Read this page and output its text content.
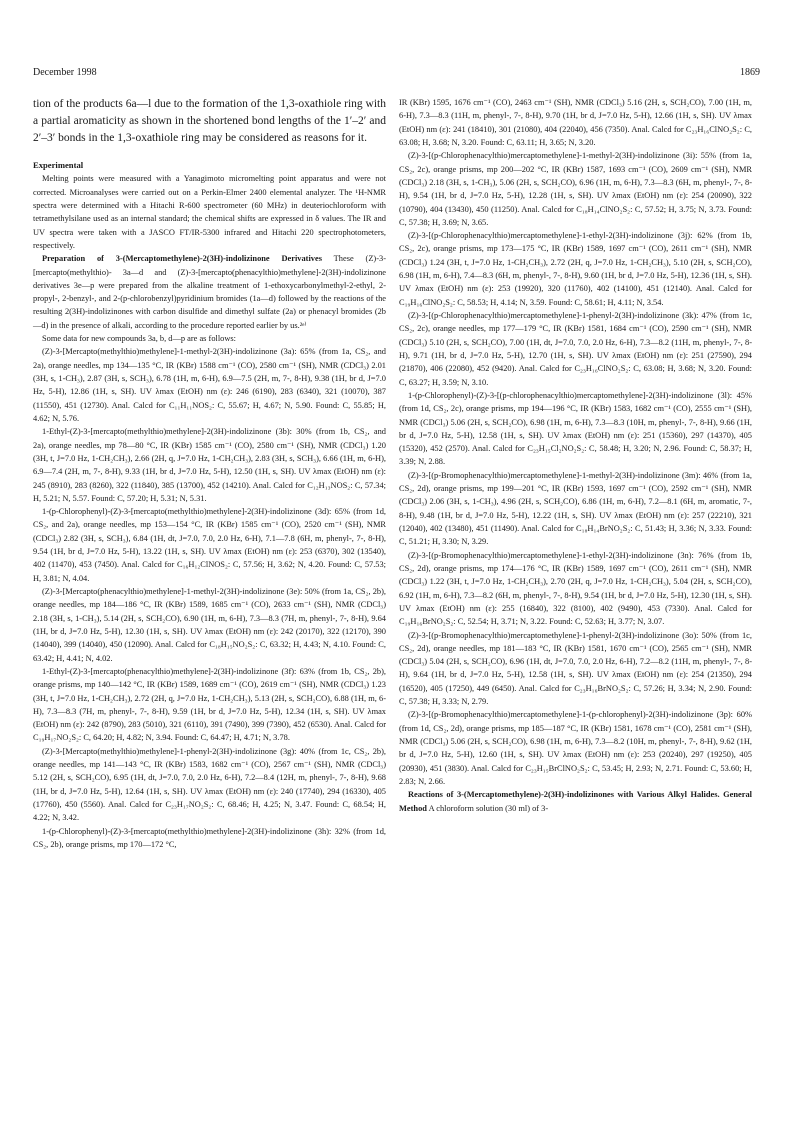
December 1998	1869

tion of the products 6a—l due to the formation of the 1,3-oxathiole ring with a partial aromaticity as shown in the shortened bond lengths of the 1′–2′ and 2′–3′ bonds in the 1,3-oxathiole ring may be considered as reasons for it.

Experimental

Melting points were measured with a Yanagimoto micromelting point apparatus and were not corrected. Microanalyses were carried out on a Perkin-Elmer 2400 elemental analyzer. The ¹H-NMR spectra were determined with a Hitachi R-600 spectrometer (60 MHz) in deuteriochloroform with tetramethylsilane used as an internal standard; the chemical shifts are expressed in δ values. The IR and UV spectra were taken with a JASCO FT/IR-5300 infrared and Hitachi 220 spectrophotometers, respectively.

Preparation of 3-(Mercaptomethylene)-2(3H)-indolizinone Derivatives These (Z)-3-[mercapto(methylthio)- 3a—d and (Z)-3-[mercapto(phenacylthio)methylene]-2(3H)-indolizinone derivatives 3e—p were prepared from the alkaline treatment of 1-ethoxycarbonylmethyl-2-ethyl, 2-propyl-, 2-benzyl-, and 2-(p-chlorobenzyl)pyridinium bromides (1a—d) followed by the reactions of the resulting 2(3H)-indolizinones with carbon disulfide and dimethyl sulfate (2a) or phenacyl bromides (2b—d) in the presence of alkali, according to the procedure reported earlier by us.²ᵉ⁾

Some data for new compounds 3a, b, d—p are as follows:

(Z)-3-[Mercapto(methylthio)methylene]-1-methyl-2(3H)-indolizinone (3a): 65% (from 1a, CS₂, and 2a), orange needles, mp 134—135 °C, IR (KBr) 1588 cm⁻¹ (CO), 2580 cm⁻¹ (SH), NMR (CDCl₃) 2.01 (3H, s, 1-CH₃), 2.87 (3H, s, SCH₃), 6.78 (1H, m, 6-H), 6.9—7.5 (2H, m, 7-, 8-H), 9.38 (1H, br d, J=7.0 Hz, 5-H), 12.86 (1H, s, SH). UV λmax (EtOH) nm (ε): 246 (6190), 283 (6340), 321 (10070), 387 (11550), 451 (12730). Anal. Calcd for C₁₁H₁₁NOS₂: C, 55.67; H, 4.67; N, 5.90. Found: C, 55.85; H, 4.62; N, 5.76.

1-Ethyl-(Z)-3-[mercapto(methylthio)methylene]-2(3H)-indolizinone (3b): 30% (from 1b, CS₂, and 2a), orange needles, mp 78—80 °C, IR (KBr) 1585 cm⁻¹ (CO), 2580 cm⁻¹ (SH), NMR (CDCl₃) 1.20 (3H, t, J=7.0 Hz, 1-CH₂CH₃), 2.66 (2H, q, J=7.0 Hz, 1-CH₂CH₃), 2.83 (3H, s, SCH₃), 6.66 (1H, m, 6-H), 6.9—7.4 (2H, m, 7-, 8-H), 9.33 (1H, br d, J=7.0 Hz, 5-H), 12.50 (1H, s, SH). UV λmax (EtOH) nm (ε): 245 (8910), 283 (8260), 322 (11840), 385 (13700), 452 (14210). Anal. Calcd for C₁₂H₁₃NOS₂: C, 57.34; H, 5.21; N, 5.57. Found: C, 57.20; H, 5.31; N, 5.31.

1-(p-Chlorophenyl)-(Z)-3-[mercapto(methylthio)methylene]-2(3H)-indolizinone (3d): 65% (from 1d, CS₂, and 2a), orange needles, mp 153—154 °C, IR (KBr) 1585 cm⁻¹ (CO), 2520 cm⁻¹ (SH), NMR (CDCl₃) 2.82 (3H, s, SCH₃), 6.84 (1H, dt, J=7.0, 7.0, 2.0 Hz, 6-H), 7.1—7.8 (6H, m, phenyl-, 7-, 8-H), 9.54 (1H, br d, J=7.0 Hz, 5-H), 13.22 (1H, s, SH). UV λmax (EtOH) nm (ε): 253 (6370), 302 (13540), 402 (11470), 453 (7450). Anal. Calcd for C₁₆H₁₂ClNOS₂: C, 57.56; H, 3.62; N, 4.20. Found: C, 57.53; H, 3.81; N, 4.04.

(Z)-3-[Mercapto(phenacylthio)methylene]-1-methyl-2(3H)-indolizinone (3e): 50% (from 1a, CS₂, 2b), orange needles, mp 184—186 °C, IR (KBr) 1589, 1685 cm⁻¹ (CO), 2633 cm⁻¹ (SH), NMR (CDCl₃) 2.18 (3H, s, 1-CH₃), 5.14 (2H, s, SCH₂CO), 6.90 (1H, m, 6-H), 7.3—8.3 (7H, m, phenyl-, 7-, 8-H), 9.64 (1H, br d, J=7.0 Hz, 5-H), 12.30 (1H, s, SH). UV λmax (EtOH) nm (ε): 242 (20170), 322 (12170), 390 (14040), 399 (14040), 450 (12090). Anal. Calcd for C₁₈H₁₅NO₂S₂: C, 63.32; H, 4.43; N, 4.10. Found: C, 63.42; H, 4.41; N, 4.02.

1-Ethyl-(Z)-3-[mercapto(phenacylthio)methylene]-2(3H)-indolizinone (3f): 63% (from 1b, CS₂, 2b), orange prisms, mp 140—142 °C, IR (KBr) 1589, 1689 cm⁻¹ (CO), 2619 cm⁻¹ (SH), NMR (CDCl₃) 1.23 (3H, t, J=7.0 Hz, 1-CH₂CH₃), 2.72 (2H, q, J=7.0 Hz, 1-CH₂CH₃), 5.13 (2H, s, SCH₂CO), 6.88 (1H, m, 6-H), 7.3—8.3 (7H, m, phenyl-, 7-, 8-H), 9.59 (1H, br d, J=7.0 Hz, 5-H), 12.34 (1H, s, SH). UV λmax (EtOH) nm (ε): 242 (8790), 283 (5010), 321 (6110), 391 (7490), 399 (7390), 452 (6530). Anal. Calcd for C₁₉H₁₇NO₂S₂: C, 64.20; H, 4.82; N, 3.94. Found: C, 64.47; H, 4.71; N, 3.78.

(Z)-3-[Mercapto(methylthio)methylene]-1-phenyl-2(3H)-indolizinone (3g): 40% (from 1c, CS₂, 2b), orange needles, mp 141—143 °C, IR (KBr) 1583, 1682 cm⁻¹ (CO), 2567 cm⁻¹ (SH), NMR (CDCl₃) 5.12 (2H, s, SCH₂CO), 6.95 (1H, dt, J=7.0, 7.0, 2.0 Hz, 6-H), 7.2—8.4 (12H, m, phenyl-, 7-, 8-H), 9.68 (1H, br d, J=7.0 Hz, 5-H), 12.64 (1H, s, SH). UV λmax (EtOH) nm (ε): 240 (17740), 294 (16330), 405 (17760), 450 (5560). Anal. Calcd for C₂₃H₁₇NO₂S₂: C, 68.46; H, 4.25; N, 3.47. Found: C, 68.54; H, 4.22; N, 3.42.

1-(p-Chlorophenyl)-(Z)-3-[mercapto(methylthio)methylene]-2(3H)-indolizinone (3h): 32% (from 1d, CS₂, 2b), orange prisms, mp 170—172 °C,

IR (KBr) 1595, 1676 cm⁻¹ (CO), 2463 cm⁻¹ (SH), NMR (CDCl₃) 5.16 (2H, s, SCH₂CO), 7.00 (1H, m, 6-H), 7.3—8.3 (11H, m, phenyl-, 7-, 8-H), 9.70 (1H, br d, J=7.0 Hz, 5-H), 12.66 (1H, s, SH). UV λmax (EtOH) nm (ε): 241 (18410), 301 (21080), 404 (22040), 456 (7350). Anal. Calcd for C₂₃H₁₆ClNO₂S₂: C, 63.08; H, 3.68; N, 3.20. Found: C, 63.11; H, 3.65; N, 3.20.

(Z)-3-[(p-Chlorophenacylthio)mercaptomethylene]-1-methyl-2(3H)-indolizinone (3i): 55% (from 1a, CS₂, 2c), orange prisms, mp 200—202 °C, IR (KBr) 1587, 1693 cm⁻¹ (CO), 2609 cm⁻¹ (SH), NMR (CDCl₃) 2.18 (3H, s, 1-CH₃), 5.06 (2H, s, SCH₂CO), 6.96 (1H, m, 6-H), 7.3—8.3 (6H, m, phenyl-, 7-, 8-H), 9.54 (1H, br d, J=7.0 Hz, 5-H), 12.28 (1H, s, SH). UV λmax (EtOH) nm (ε): 254 (20090), 322 (10790), 404 (13430), 450 (11250). Anal. Calcd for C₁₈H₁₄ClNO₂S₂: C, 57.52; H, 3.75; N, 3.73. Found: C, 57.38; H, 3.69; N, 3.65.

(Z)-3-[(p-Chlorophenacylthio)mercaptomethylene]-1-ethyl-2(3H)-indolizinone (3j): 62% (from 1b, CS₂, 2c), orange prisms, mp 173—175 °C, IR (KBr) 1589, 1697 cm⁻¹ (CO), 2611 cm⁻¹ (SH), NMR (CDCl₃) 1.24 (3H, t, J=7.0 Hz, 1-CH₂CH₃), 2.72 (2H, q, J=7.0 Hz, 1-CH₂CH₃), 5.10 (2H, s, SCH₂CO), 6.98 (1H, m, 6-H), 7.4—8.3 (6H, m, phenyl-, 7-, 8-H), 9.60 (1H, br d, J=7.0 Hz, 5-H), 12.36 (1H, s, SH). UV λmax (EtOH) nm (ε): 253 (19920), 320 (11760), 402 (14100), 451 (12140). Anal. Calcd for C₁₉H₁₆ClNO₂S₂: C, 58.53; H, 4.14; N, 3.59. Found: C, 58.61; H, 4.11; N, 3.54.

(Z)-3-[(p-Chlorophenacylthio)mercaptomethylene]-1-phenyl-2(3H)-indolizinone (3k): 47% (from 1c, CS₂, 2c), orange needles, mp 177—179 °C, IR (KBr) 1581, 1684 cm⁻¹ (CO), 2590 cm⁻¹ (SH), NMR (CDCl₃) 5.10 (2H, s, SCH₂CO), 7.00 (1H, dt, J=7.0, 7.0, 2.0 Hz, 6-H), 7.3—8.2 (11H, m, phenyl-, 7-, 8-H), 9.71 (1H, br d, J=7.0 Hz, 5-H), 12.70 (1H, s, SH). UV λmax (EtOH) nm (ε): 251 (27590), 294 (21870), 406 (22080), 452 (9420). Anal. Calcd for C₂₃H₁₆ClNO₂S₂: C, 63.08; H, 3.68; N, 3.20. Found: C, 63.27; H, 3.59; N, 3.10.

1-(p-Chlorophenyl)-(Z)-3-[(p-chlorophenacylthio)mercaptomethylene]-2(3H)-indolizinone (3l): 45% (from 1d, CS₂, 2c), orange prisms, mp 194—196 °C, IR (KBr) 1583, 1682 cm⁻¹ (CO), 2555 cm⁻¹ (SH), NMR (CDCl₃) 5.06 (2H, s, SCH₂CO), 6.98 (1H, m, 6-H), 7.3—8.3 (10H, m, phenyl-, 7-, 8-H), 9.66 (1H, br d, J=7.0 Hz, 5-H), 12.58 (1H, s, SH). UV λmax (EtOH) nm (ε): 251 (15360), 297 (14370), 405 (15320), 452 (2570). Anal. Calcd for C₂₃H₁₅Cl₂NO₂S₂: C, 58.48; H, 3.20; N, 2.96. Found: C, 58.37; H, 3.39; N, 2.88.

(Z)-3-[(p-Bromophenacylthio)mercaptomethylene]-1-methyl-2(3H)-indolizinone (3m): 46% (from 1a, CS₂, 2d), orange prisms, mp 199—201 °C, IR (KBr) 1593, 1697 cm⁻¹ (CO), 2592 cm⁻¹ (SH), NMR (CDCl₃) 2.06 (3H, s, 1-CH₃), 4.96 (2H, s, SCH₂CO), 6.86 (1H, m, 6-H), 7.2—8.1 (6H, m, aromatic, 7-, 8-H), 9.48 (1H, br d, J=7.0 Hz, 5-H), 12.22 (1H, s, SH). UV λmax (EtOH) nm (ε): 257 (22210), 321 (12040), 402 (13480), 451 (11490). Anal. Calcd for C₁₈H₁₄BrNO₂S₂: C, 51.43; H, 3.36; N, 3.33. Found: C, 51.21; H, 3.30; N, 3.29.

(Z)-3-[(p-Bromophenacylthio)mercaptomethylene]-1-ethyl-2(3H)-indolizinone (3n): 76% (from 1b, CS₂, 2d), orange prisms, mp 174—176 °C, IR (KBr) 1589, 1697 cm⁻¹ (CO), 2611 cm⁻¹ (SH), NMR (CDCl₃) 1.22 (3H, t, J=7.0 Hz, 1-CH₂CH₃), 2.70 (2H, q, J=7.0 Hz, 1-CH₂CH₃), 5.04 (2H, s, SCH₂CO), 6.92 (1H, m, 6-H), 7.3—8.2 (6H, m, phenyl-, 7-, 8-H), 9.54 (1H, br d, J=7.0 Hz, 5-H), 12.30 (1H, s, SH). UV λmax (EtOH) nm (ε): 255 (16840), 322 (8100), 402 (9490), 453 (7330). Anal. Calcd for C₁₉H₁₆BrNO₂S₂: C, 52.54; H, 3.71; N, 3.22. Found: C, 52.63; H, 3.77; N, 3.07.

(Z)-3-[(p-Bromophenacylthio)mercaptomethylene]-1-phenyl-2(3H)-indolizinone (3o): 50% (from 1c, CS₂, 2d), orange needles, mp 181—183 °C, IR (KBr) 1581, 1670 cm⁻¹ (CO), 2565 cm⁻¹ (SH), NMR (CDCl₃) 5.04 (2H, s, SCH₂CO), 6.96 (1H, dt, J=7.0, 7.0, 2.0 Hz, 6-H), 7.2—8.2 (11H, m, phenyl-, 7-, 8-H), 9.64 (1H, br d, J=7.0 Hz, 5-H), 12.58 (1H, s, SH). UV λmax (EtOH) nm (ε): 254 (21350), 294 (16520), 405 (17250), 449 (6450). Anal. Calcd for C₂₃H₁₆BrNO₂S₂: C, 57.26; H, 3.34; N, 2.90. Found: C, 57.38; H, 3.33; N, 2.79.

(Z)-3-[(p-Bromophenacylthio)mercaptomethylene]-1-(p-chlorophenyl)-2(3H)-indolizinone (3p): 60% (from 1d, CS₂, 2d), orange prisms, mp 185—187 °C, IR (KBr) 1581, 1678 cm⁻¹ (CO), 2581 cm⁻¹ (SH), NMR (CDCl₃) 5.06 (2H, s, SCH₂CO), 6.98 (1H, m, 6-H), 7.3—8.2 (10H, m, phenyl-, 7-, 8-H), 9.62 (1H, br d, J=7.0 Hz, 5-H), 12.60 (1H, s, SH). UV λmax (EtOH) nm (ε): 253 (20240), 297 (19250), 405 (20930), 451 (3830). Anal. Calcd for C₂₃H₁₅BrClNO₂S₂: C, 53.45; H, 2.93; N, 2.71. Found: C, 53.60; H, 2.83; N, 2.66.

Reactions of 3-(Mercaptomethylene)-2(3H)-indolizinones with Various Alkyl Halides. General Method A chloroform solution (30 ml) of 3-
